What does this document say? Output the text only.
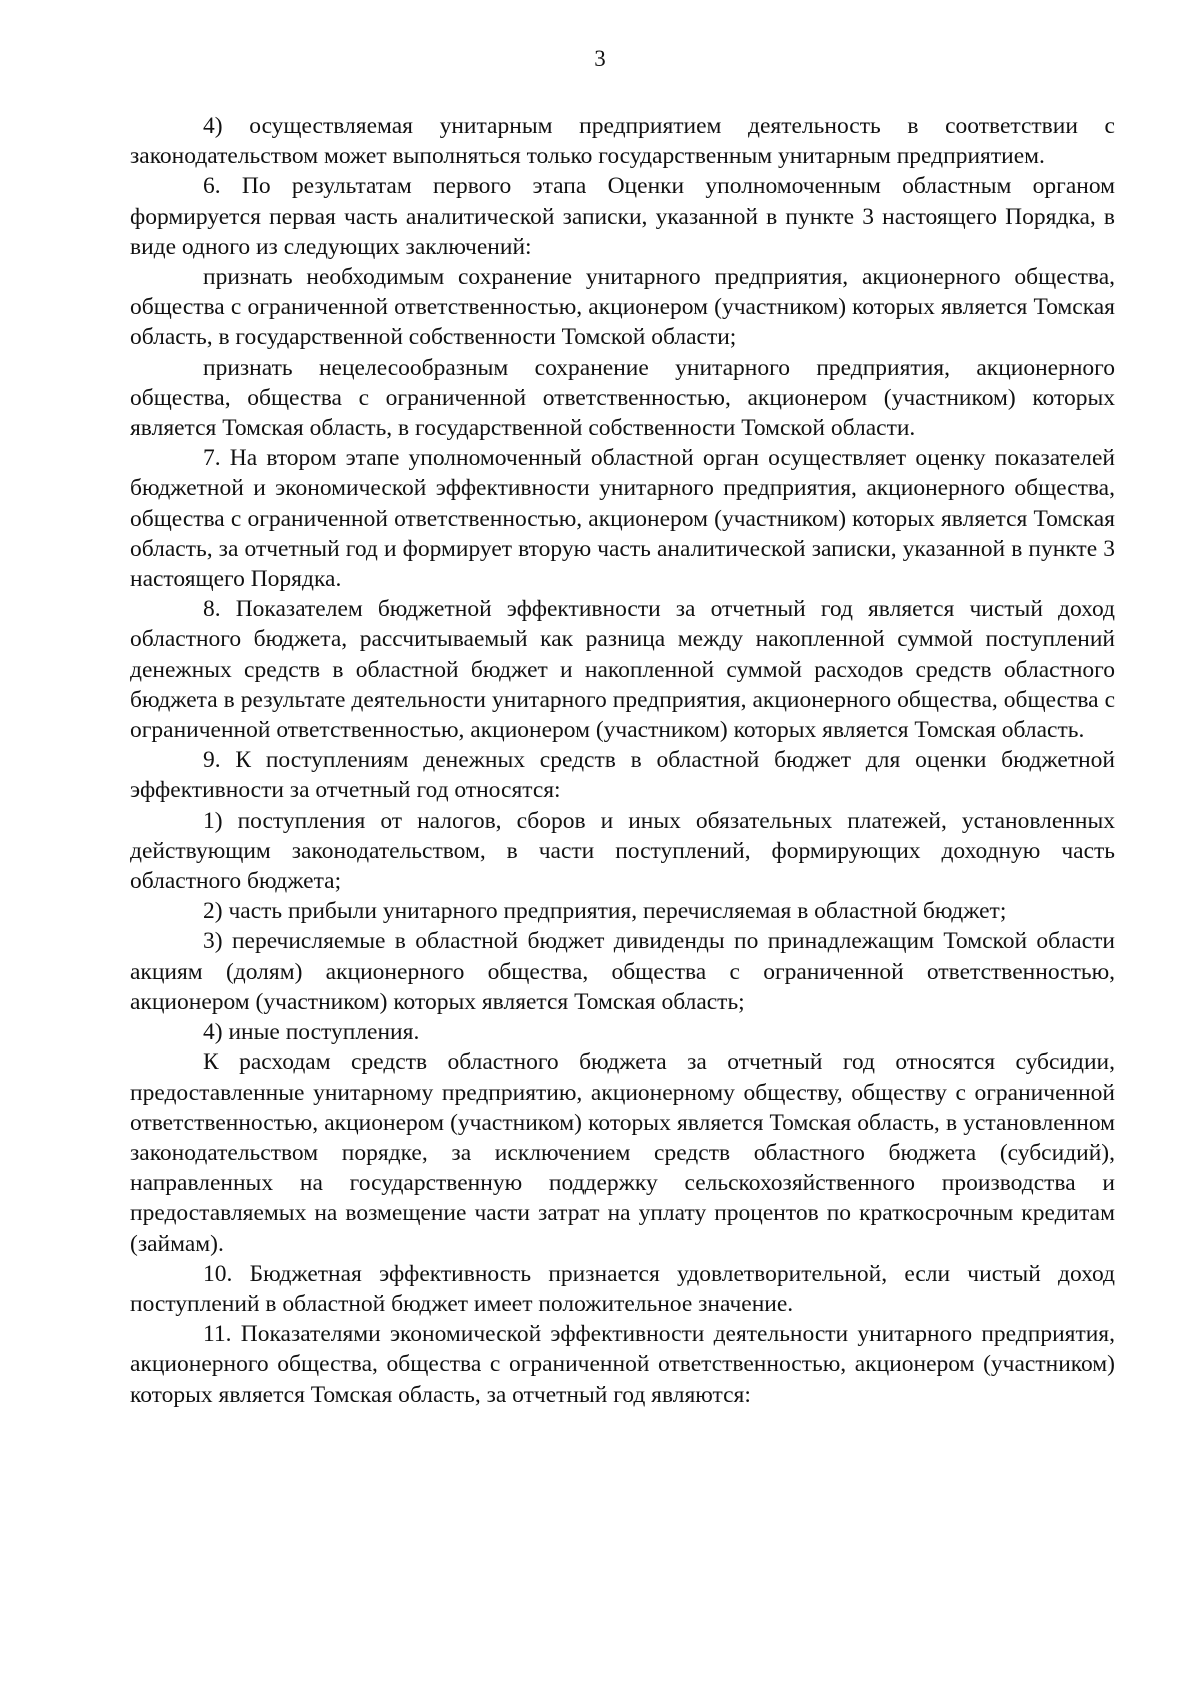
3

4) осуществляемая унитарным предприятием деятельность в соответствии с законодательством может выполняться только государственным унитарным предприятием.

6. По результатам первого этапа Оценки уполномоченным областным органом формируется первая часть аналитической записки, указанной в пункте 3 настоящего Порядка, в виде одного из следующих заключений:

признать необходимым сохранение унитарного предприятия, акционерного общества, общества с ограниченной ответственностью, акционером (участником) которых является Томская область, в государственной собственности Томской области;

признать нецелесообразным сохранение унитарного предприятия, акционерного общества, общества с ограниченной ответственностью, акционером (участником) которых является Томская область, в государственной собственности Томской области.

7. На втором этапе уполномоченный областной орган осуществляет оценку показателей бюджетной и экономической эффективности унитарного предприятия, акционерного общества, общества с ограниченной ответственностью, акционером (участником) которых является Томская область, за отчетный год и формирует вторую часть аналитической записки, указанной в пункте 3 настоящего Порядка.

8. Показателем бюджетной эффективности за отчетный год является чистый доход областного бюджета, рассчитываемый как разница между накопленной суммой поступлений денежных средств в областной бюджет и накопленной суммой расходов средств областного бюджета в результате деятельности унитарного предприятия, акционерного общества, общества с ограниченной ответственностью, акционером (участником) которых является Томская область.

9. К поступлениям денежных средств в областной бюджет для оценки бюджетной эффективности за отчетный год относятся:

1) поступления от налогов, сборов и иных обязательных платежей, установленных действующим законодательством, в части поступлений, формирующих доходную часть областного бюджета;

2) часть прибыли унитарного предприятия, перечисляемая в областной бюджет;

3) перечисляемые в областной бюджет дивиденды по принадлежащим Томской области акциям (долям) акционерного общества, общества с ограниченной ответственностью, акционером (участником) которых является Томская область;

4) иные поступления.

К расходам средств областного бюджета за отчетный год относятся субсидии, предоставленные унитарному предприятию, акционерному обществу, обществу с ограниченной ответственностью, акционером (участником) которых является Томская область, в установленном законодательством порядке, за исключением средств областного бюджета (субсидий), направленных на государственную поддержку сельскохозяйственного производства и предоставляемых на возмещение части затрат на уплату процентов по краткосрочным кредитам (займам).

10. Бюджетная эффективность признается удовлетворительной, если чистый доход поступлений в областной бюджет имеет положительное значение.

11. Показателями экономической эффективности деятельности унитарного предприятия, акционерного общества, общества с ограниченной ответственностью, акционером (участником) которых является Томская область, за отчетный год являются:
